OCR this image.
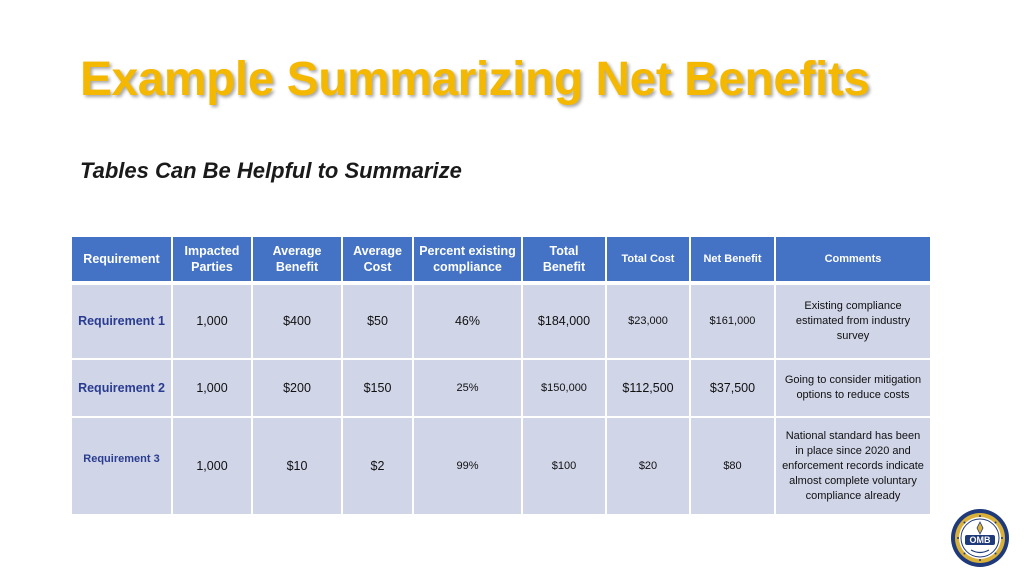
Example Summarizing Net Benefits
Tables Can Be Helpful to Summarize
Requirement	Impacted Parties	Average Benefit	Average Cost	Percent existing compliance	Total Benefit	Total Cost	Net Benefit	Comments
Requirement 1	1,000	$400	$50	46%	$184,000	$23,000	$161,000	Existing compliance estimated from industry survey
Requirement 2	1,000	$200	$150	25%	$150,000	$112,500	$37,500	Going to consider mitigation options to reduce costs
Requirement 3	1,000	$10	$2	99%	$100	$20	$80	National standard has been in place since 2020 and enforcement records indicate almost complete voluntary compliance already
OMB
